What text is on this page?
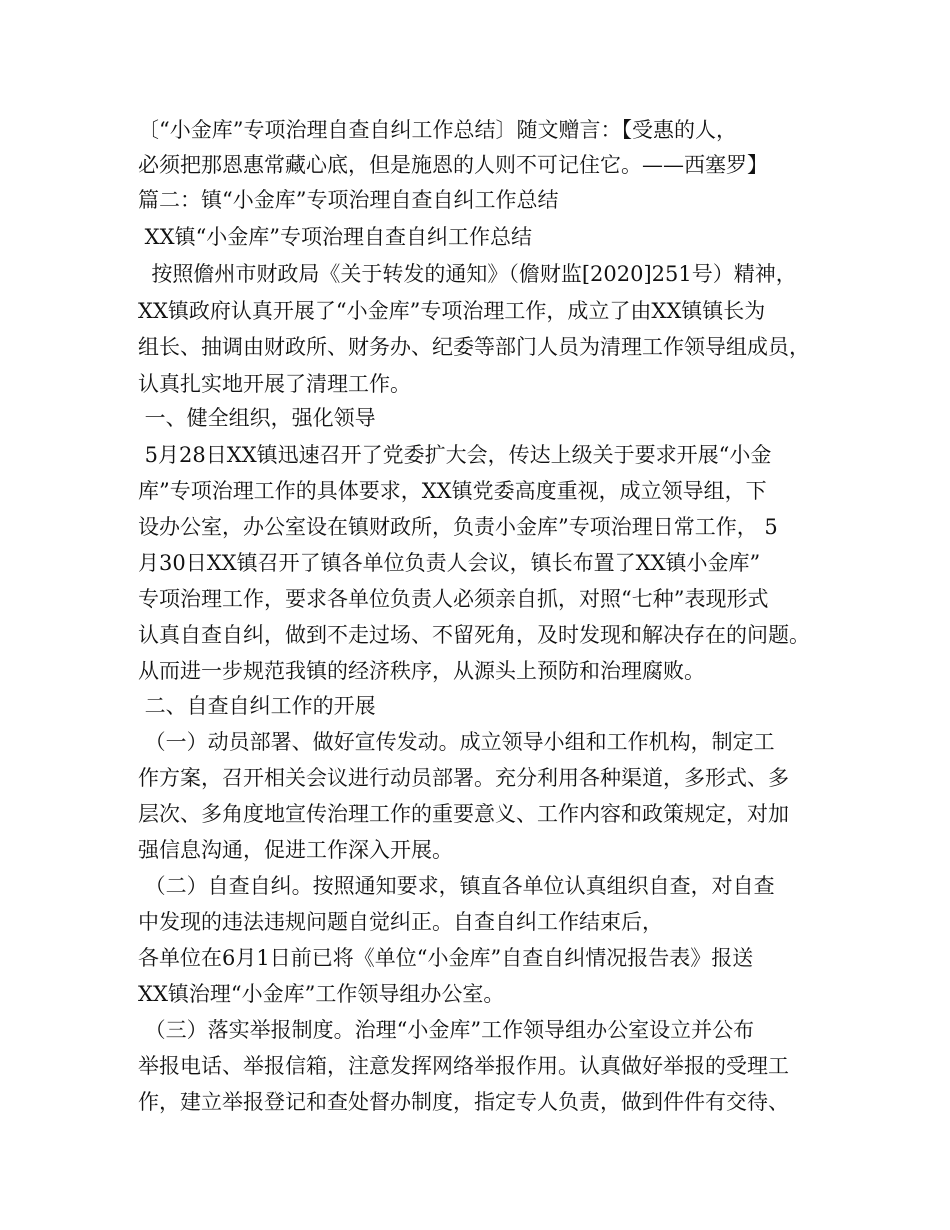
〔“小金库”专项治理自查自纠工作总结〕随文赠言：【受惠的人，
必须把那恩惠常藏心底，但是施恩的人则不可记住它。——西塞罗】
篇二：镇“小金库”专项治理自查自纠工作总结
XX镇“小金库”专项治理自查自纠工作总结
按照儋州市财政局《关于转发的通知》（儋财监[2020]251号）精神，
XX镇政府认真开展了“小金库”专项治理工作，成立了由XX镇镇长为
组长、抽调由财政所、财务办、纪委等部门人员为清理工作领导组成员，
认真扎实地开展了清理工作。
一、健全组织，强化领导
5月28日XX镇迅速召开了党委扩大会，传达上级关于要求开展“小金
库”专项治理工作的具体要求，XX镇党委高度重视，成立领导组，下
设办公室，办公室设在镇财政所，负责小金库”专项治理日常工作， 5
月30日XX镇召开了镇各单位负责人会议，镇长布置了XX镇小金库”
专项治理工作，要求各单位负责人必须亲自抓，对照“七种”表现形式
认真自查自纠，做到不走过场、不留死角，及时发现和解决存在的问题。
从而进一步规范我镇的经济秩序，从源头上预防和治理腐败。
二、自查自纠工作的开展
（一）动员部署、做好宣传发动。成立领导小组和工作机构，制定工
作方案，召开相关会议进行动员部署。充分利用各种渠道，多形式、多
层次、多角度地宣传治理工作的重要意义、工作内容和政策规定，对加
强信息沟通，促进工作深入开展。
（二）自查自纠。按照通知要求，镇直各单位认真组织自查，对自查
中发现的违法违规问题自觉纠正。自查自纠工作结束后，
各单位在6月1日前已将《单位“小金库”自查自纠情况报告表》报送
XX镇治理“小金库”工作领导组办公室。
（三）落实举报制度。治理“小金库”工作领导组办公室设立并公布
举报电话、举报信箱，注意发挥网络举报作用。认真做好举报的受理工
作，建立举报登记和查处督办制度，指定专人负责，做到件件有交待、
